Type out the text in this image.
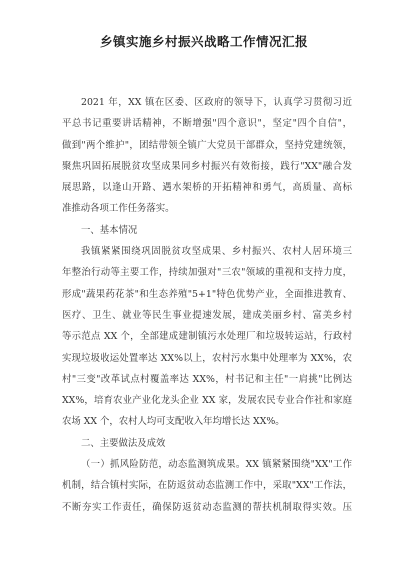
乡镇实施乡村振兴战略工作情况汇报
2021 年，XX 镇在区委、区政府的领导下，认真学习贯彻习近
平总书记重要讲话精神，不断增强"四个意识"，坚定"四个自信"，
做到"两个维护"，团结带领全镇广大党员干部群众，坚持党建统领，
聚焦巩固拓展脱贫攻坚成果同乡村振兴有效衔接，践行"XX"融合发
展思路，以逢山开路、遇水架桥的开拓精神和勇气，高质量、高标
准推动各项工作任务落实。
一、基本情况
我镇紧紧围绕巩固脱贫攻坚成果、乡村振兴、农村人居环境三
年整治行动等主要工作，持续加强对"三农"领域的重视和支持力度，
形成"蔬果药花茶"和生态养殖"5+1"特色优势产业，全面推进教育、
医疗、卫生、就业等民生事业提速发展，建成美丽乡村、富美乡村
等示范点 XX 个，全部建成建制镇污水处理厂和垃圾转运站，行政村
实现垃圾收运处置率达 XX%以上，农村污水集中处理率为 XX%，农
村"三变"改革试点村覆盖率达 XX%，村书记和主任"一肩挑"比例达
XX%，培育农业产业化龙头企业 XX 家，发展农民专业合作社和家庭
农场 XX 个，农村人均可支配收入年均增长达 XX%。
二、主要做法及成效
（一）抓风险防范，动态监测筑成果。XX 镇紧紧围绕"XX"工作
机制，结合镇村实际，在防返贫动态监测工作中，采取"XX"工作法，
不断夯实工作责任，确保防返贫动态监测的帮扶机制取得实效。压
